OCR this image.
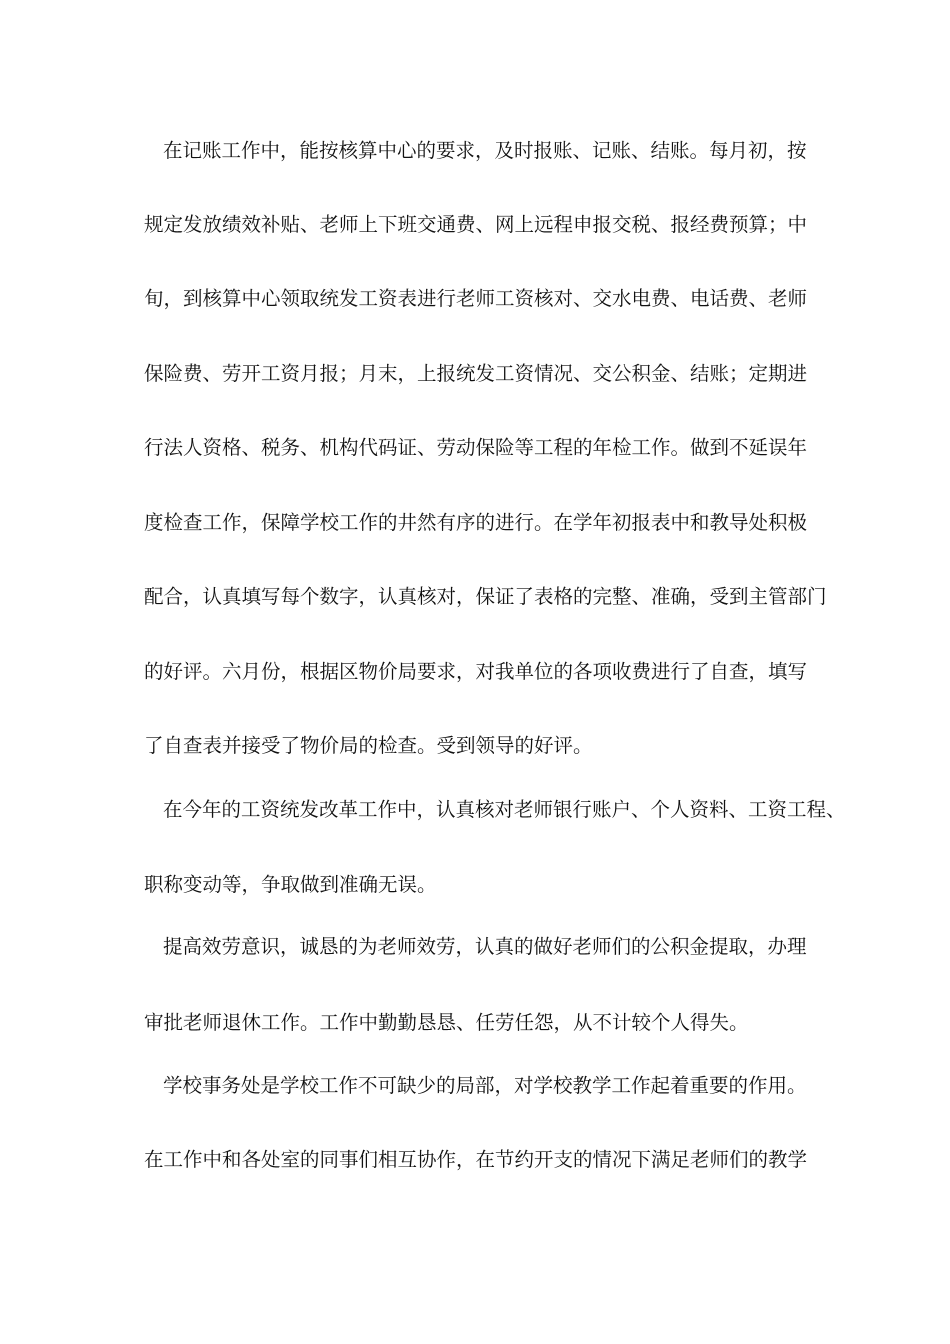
在记账工作中，能按核算中心的要求，及时报账、记账、结账。每月初，按
规定发放绩效补贴、老师上下班交通费、网上远程申报交税、报经费预算；中
旬，到核算中心领取统发工资表进行老师工资核对、交水电费、电话费、老师
保险费、劳开工资月报；月末，上报统发工资情况、交公积金、结账；定期进
行法人资格、税务、机构代码证、劳动保险等工程的年检工作。做到不延误年
度检查工作，保障学校工作的井然有序的进行。在学年初报表中和教导处积极
配合，认真填写每个数字，认真核对，保证了表格的完整、准确，受到主管部门
的好评。六月份，根据区物价局要求，对我单位的各项收费进行了自查，填写
了自查表并接受了物价局的检查。受到领导的好评。
在今年的工资统发改革工作中，认真核对老师银行账户、个人资料、工资工程、
职称变动等，争取做到准确无误。
提高效劳意识，诚恳的为老师效劳，认真的做好老师们的公积金提取，办理
审批老师退休工作。工作中勤勤恳恳、任劳任怨，从不计较个人得失。
学校事务处是学校工作不可缺少的局部，对学校教学工作起着重要的作用。
在工作中和各处室的同事们相互协作，在节约开支的情况下满足老师们的教学
